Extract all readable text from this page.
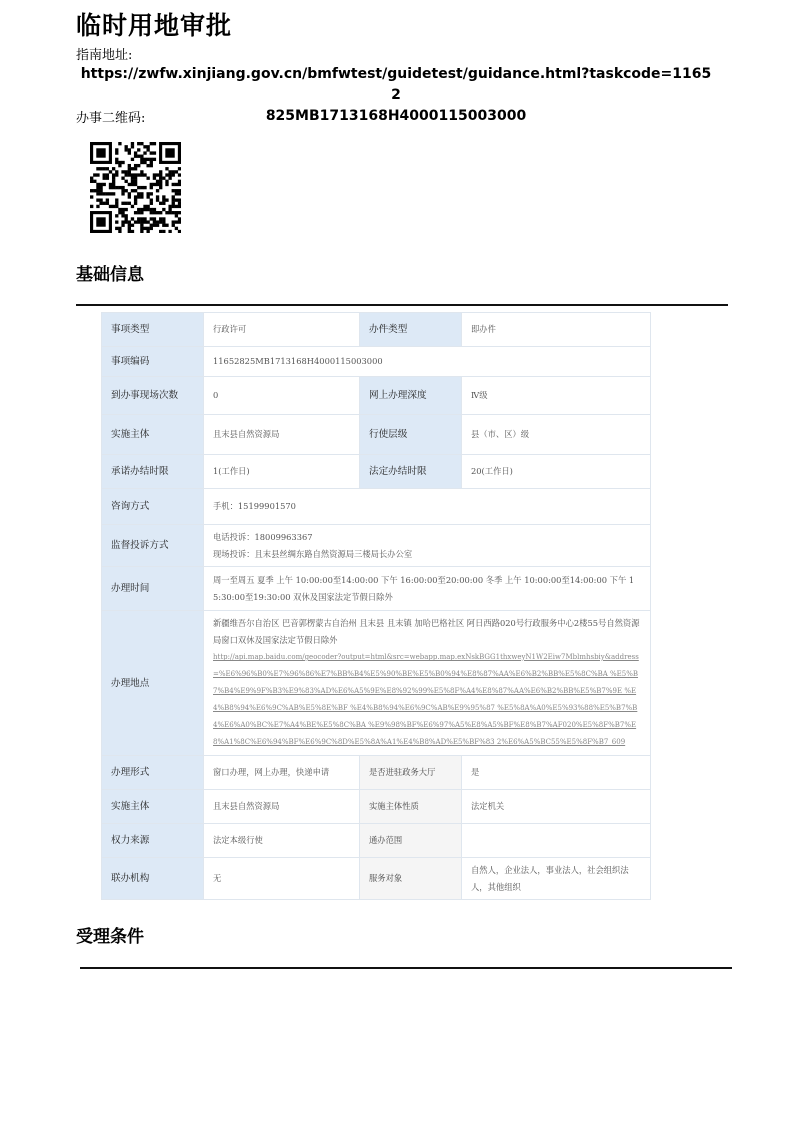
临时用地审批
指南地址:
https://zwfw.xinjiang.gov.cn/bmfwtest/guidetest/guidance.html?taskcode=11652
825MB1713168H4000115003000
办事二维码:
基础信息
事项类型	行政许可	办件类型	即办件
事项编码	11652825MB1713168H4000115003000		
到办事现场次数	0	网上办理深度	Ⅳ级
实施主体	且末县自然资源局	行使层级	县（市、区）级
承诺办结时限	1(工作日)	法定办结时限	20(工作日)
咨询方式	手机：15199901570		
监督投诉方式	电话投诉：18009963367
现场投诉：且末县丝绸东路自然资源局三楼局长办公室		

办理时间	周一至周五 夏季 上午 10:00:00至14:00:00 下午 16:00:00至20:00:00 冬季 上午 10:00:00至14:00:00 下午 15:30:00至19:30:00 双休及国家法定节假日除外		
办理地点	新疆维吾尔自治区 巴音郭楞蒙古自治州 且末县 且末镇 加哈巴格社区 阿日西路020号行政服务中心2楼55号自然资源局窗口双休及国家法定节假日除外
http://api.map.baidu.com/geocoder?output=html&src=webapp.map.exNskBGG1thxweyN1W2Eiw7Mblmhsbiy&address=%E6%96%B0%E7%96%86%E7%BB%B4%E5%90%BE%E5%B0%94%E8%87%AA%E6%B2%BB%E5%8C%BA %E5%B7%B4%E9%9F%B3%E9%83%AD%E6%A5%9E%E8%92%99%E5%8F%A4%E8%87%AA%E6%B2%BB%E5%B7%9E %E4%B8%94%E6%9C%AB%E5%8E%BF %E4%B8%94%E6%9C%AB%E9%95%87 %E5%8A%A0%E5%93%88%E5%B7%B4%E6%A0%BC%E7%A4%BE%E5%8C%BA %E9%98%BF%E6%97%A5%E8%A5%BF%E8%B7%AF020%E5%8F%B7%E8%A1%8C%E6%94%BF%E6%9C%8D%E5%8A%A1%E4%B8%AD%E5%BF%83 2%E6%A5%BC55%E5%8F%B7_609		

办理形式	窗口办理，网上办理，快递申请	是否进驻政务大厅	是
实施主体	且末县自然资源局	实施主体性质	法定机关
权力来源	法定本级行使	通办范围	
联办机构	无	服务对象	自然人，企业法人，事业法人，社会组织法人，其他组织
受理条件
